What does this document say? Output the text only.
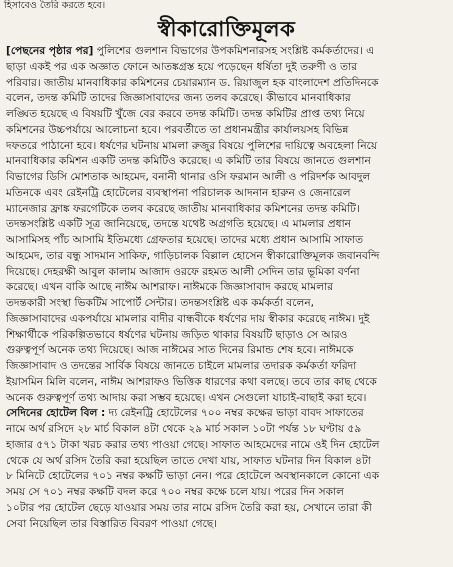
হিসাবেও তৈরি করতে হবে।
স্বীকারোক্তিমূলক
[পেছনের পৃষ্ঠার পর] পুলিশের গুলশান বিভাগের উপকমিশনারসহ সংশ্লিষ্ট কর্মকর্তাদের। এ
ছাড়া একই পর এক অজ্ঞাত ফোনে আতঙ্কগ্রস্ত হয়ে পড়েছেন ধর্ষিতা দুই তরুণী ও তার
পরিবার। জাতীয় মানবাধিকার কমিশনের চেয়ারম্যান ড. রিয়াজুল হক বাংলাদেশ প্রতিদিনকে
বলেন, তদন্ত কমিটি তাদের জিজ্ঞাসাবাদের জন্য তলব করেছে। কীভাবে মানবাধিকার
লঙ্ঘিত হয়েছে এ বিষয়টি খুঁজে বের করবে তদন্ত কমিটি। তদন্ত কমিটির প্রাপ্ত তথ্য নিয়ে
কমিশনের উচ্চপর্যায়ে আলোচনা হবে। পরবর্তীতে তা প্রধানমন্ত্রীর কার্যালয়সহ বিভিন্ন
দফতরে পাঠানো হবে। ধর্ষণের ঘটনায় মামলা রুজুর বিষয়ে পুলিশের দায়িত্বে অবহেলা নিয়ে
মানবাধিকার কমিশন একটি তদন্ত কমিটিও করেছে। এ কমিটি তার বিষয়ে জানতে গুলশান
বিভাগের ডিসি মোশতাক আহমেদ, বনানী থানার ওসি ফরমান আলী ও পরিদর্শক আবদুল
মতিনকে এবং রেইনট্রি হোটেলের ব্যবস্থাপনা পরিচালক আদনান হারুন ও জেনারেল
ম্যানেজার ফ্রাঙ্ক ফরগেটিকে তলব করেছে জাতীয় মানবাধিকার কমিশনের তদন্ত কমিটি।
তদন্তসংশ্লিষ্ট একটি সূত্র জানিয়েছে, তদন্তে যথেষ্ট অগ্রগতি হয়েছে। এ মামলার প্রধান
আসামিসহ পাঁচ আসামি ইতিমধ্যে গ্রেফতার হয়েছে। তাদের মধ্যে প্রধান আসামি সাফাত
আহমেদ, তার বন্ধু সাদমান সাকিফ, গাড়িচালক বিল্লাল হোসেন স্বীকারোক্তিমূলক জবানবন্দি
দিয়েছে। দেহরক্ষী আবুল কালাম আজাদ ওরফে রহমত আলী সেদিন তার ভূমিকা বর্ণনা
করেছে। এখন বাকি আছে নাঈম আশরাফ। নাঈমকে জিজ্ঞাসাবাদ করছে মামলার
তদন্তকারী সংস্থা ভিকটিম সাপোর্ট সেন্টার। তদন্তসংশ্লিষ্ট এক কর্মকর্তা বলেন,
জিজ্ঞাসাবাদের একপর্যায়ে মামলার বাদীর বান্ধবীকে ধর্ষণের দায় স্বীকার করেছে নাঈম। দুই
শিক্ষার্থীকে পরিকল্পিতভাবে ধর্ষণের ঘটনায় জড়িত থাকার বিষয়টি ছাড়াও সে আরও
গুরুত্বপূর্ণ অনেক তথ্য দিয়েছে। আজ নাঈমের সাত দিনের রিমান্ড শেষ হবে। নাঈমকে
জিজ্ঞাসাবাদ ও তদন্তের সার্বিক বিষয়ে জানতে চাইলে মামলার তদারক কর্মকর্তা ফরিদা
ইয়াসমিন মিলি বলেন, নাঈম আশরাফও ভিত্তিক ধারণের কথা বলছে। তবে তার কাছ থেকে
অনেক গুরুত্বপূর্ণ তথ্য আদায় করা সম্ভব হয়েছে। এখন সেগুলো যাচাই-বাছাই করা হবে।
সেদিনের হোটেল বিল : দ্য রেইনট্রি হোটেলের ৭০০ নম্বর কক্ষের ভাড়া বাবদ সাফাতের
নামে অর্থ রসিদে ২৮ মার্চ বিকাল ৪টা থেকে ২৯ মার্চ সকাল ১০টা পর্যন্ত ১৮ ঘণ্টায় ৫৯
হাজার ৫৭১ টাকা খরচ করার তথ্য পাওয়া গেছে। সাফাত আহমেদের নামে ওই দিন হোটেল
থেকে যে অর্থ রসিদ তৈরি করা হয়েছিল তাতে দেখা যায়, সাফাত ঘটনার দিন বিকাল ৪টা
৮ মিনিটে হোটেলের ৭০১ নম্বর কক্ষটি ভাড়া নেন। পরে হোটেলে অবস্থানকালে কোনো এক
সময় সে ৭০১ নম্বর কক্ষটি বদল করে ৭০০ নম্বর কক্ষে চলে যায়। পরের দিন সকাল
১০টার পর হোটেল ছেড়ে যাওয়ার সময় তার নামে রসিদ তৈরি করা হয়, সেখানে তারা কী
সেবা নিয়েছিল তার বিস্তারিত বিবরণ পাওয়া গেছে।
